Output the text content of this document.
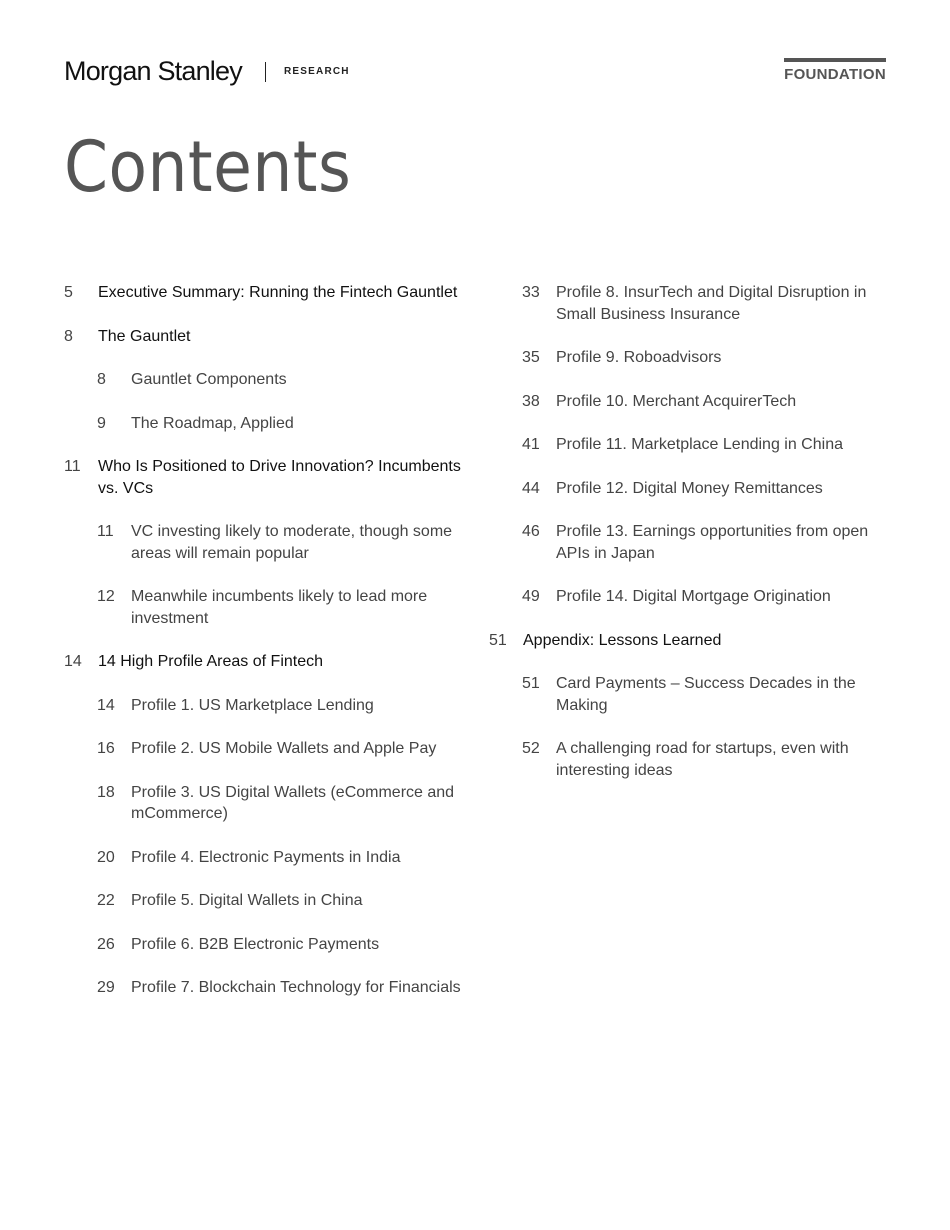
Morgan Stanley	RESEARCH	FOUNDATION
Contents
5 Executive Summary: Running the Fintech Gauntlet
8 The Gauntlet
8 Gauntlet Components
9 The Roadmap, Applied
11 Who Is Positioned to Drive Innovation? Incumbents vs. VCs
11 VC investing likely to moderate, though some areas will remain popular
12 Meanwhile incumbents likely to lead more investment
14 14 High Profile Areas of Fintech
14 Profile 1. US Marketplace Lending
16 Profile 2. US Mobile Wallets and Apple Pay
18 Profile 3. US Digital Wallets (eCommerce and mCommerce)
20 Profile 4. Electronic Payments in India
22 Profile 5. Digital Wallets in China
26 Profile 6. B2B Electronic Payments
29 Profile 7. Blockchain Technology for Financials
33 Profile 8. InsurTech and Digital Disruption in Small Business Insurance
35 Profile 9. Roboadvisors
38 Profile 10. Merchant AcquirerTech
41 Profile 11. Marketplace Lending in China
44 Profile 12. Digital Money Remittances
46 Profile 13. Earnings opportunities from open APIs in Japan
49 Profile 14. Digital Mortgage Origination
51 Appendix: Lessons Learned
51 Card Payments – Success Decades in the Making
52 A challenging road for startups, even with interesting ideas
